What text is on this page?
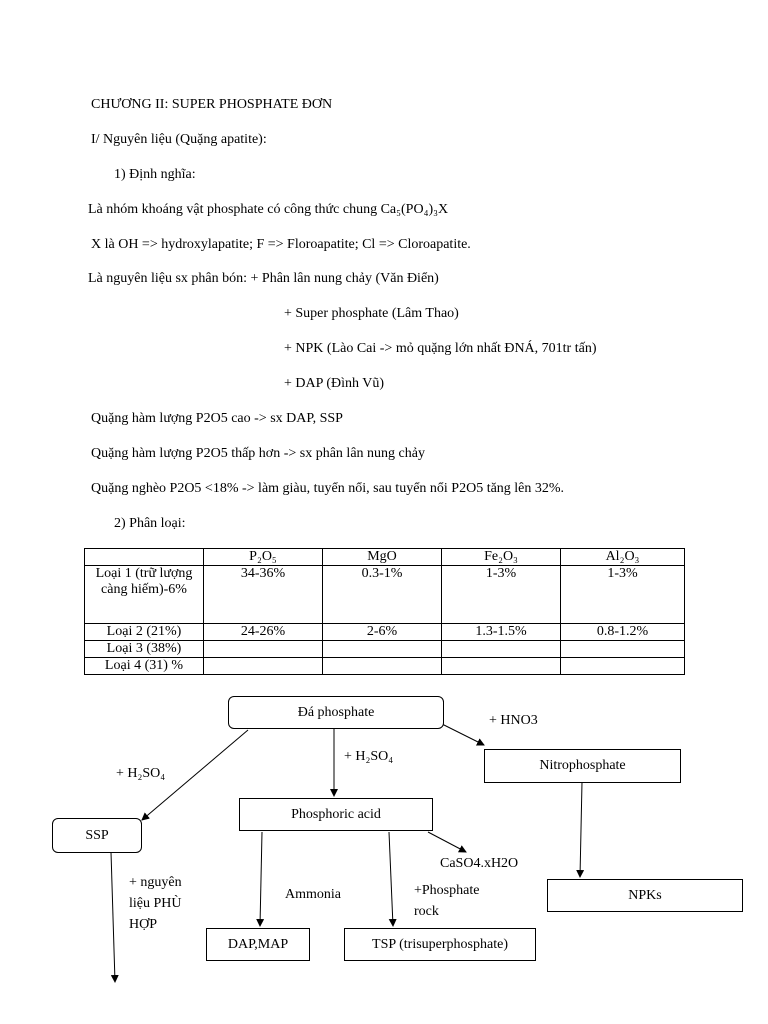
CHƯƠNG II: SUPER PHOSPHATE ĐƠN
I/ Nguyên liệu (Quặng apatite):
1) Định nghĩa:
Là nhóm khoáng vật phosphate có công thức chung Ca₅(PO₄)₃X
X là OH => hydroxylapatite; F => Floroapatite; Cl => Cloroapatite.
Là nguyên liệu sx phân bón: + Phân lân nung chảy (Văn Điển)
+ Super phosphate (Lâm Thao)
+ NPK (Lào Cai -> mỏ quặng lớn nhất ĐNÁ, 701tr tấn)
+ DAP (Đình Vũ)
Quặng hàm lượng P2O5 cao -> sx DAP, SSP
Quặng hàm lượng P2O5 thấp hơn -> sx phân lân nung chảy
Quặng nghèo P2O5 <18% -> làm giàu, tuyển nổi, sau tuyển nổi P2O5 tăng lên 32%.
2) Phân loại:
	P₂O₅	MgO	Fe₂O₃	Al₂O₃
Loại 1 (trữ lượng càng hiếm)-6%	34-36%	0.3-1%	1-3%	1-3%
Loại 2 (21%)	24-26%	2-6%	1.3-1.5%	0.8-1.2%
Loại 3 (38%)				
Loại 4 (31) %				
Đá phosphate
Nitrophosphate
SSP
Phosphoric acid
NPKs
DAP,MAP	TSP (trisuperphosphate)
+ HNO3
+ H₂SO₄
+ H₂SO₄
CaSO4.xH2O
Ammonia	+Phosphate rock
+ nguyên liệu PHÙ HỢP
